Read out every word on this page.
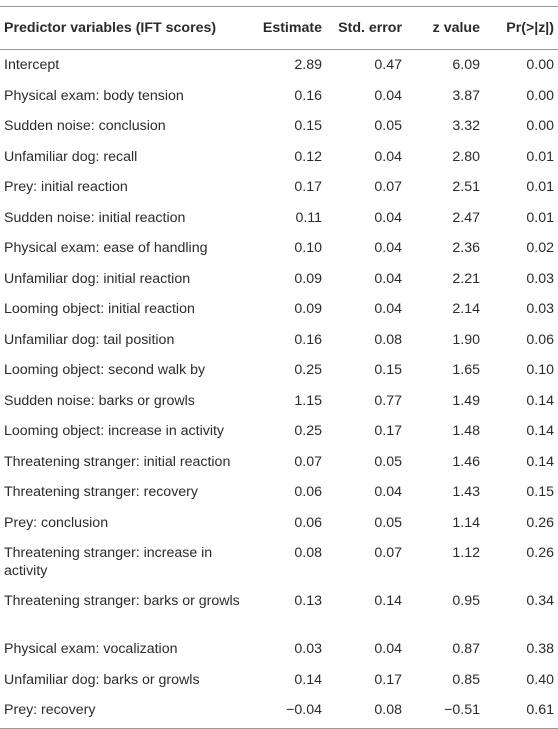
Predictor variables (IFT scores)	Estimate	Std. error	z value	Pr(>|z|)
Intercept	2.89	0.47	6.09	0.00
Physical exam: body tension	0.16	0.04	3.87	0.00
Sudden noise: conclusion	0.15	0.05	3.32	0.00
Unfamiliar dog: recall	0.12	0.04	2.80	0.01
Prey: initial reaction	0.17	0.07	2.51	0.01
Sudden noise: initial reaction	0.11	0.04	2.47	0.01
Physical exam: ease of handling	0.10	0.04	2.36	0.02
Unfamiliar dog: initial reaction	0.09	0.04	2.21	0.03
Looming object: initial reaction	0.09	0.04	2.14	0.03
Unfamiliar dog: tail position	0.16	0.08	1.90	0.06
Looming object: second walk by	0.25	0.15	1.65	0.10
Sudden noise: barks or growls	1.15	0.77	1.49	0.14
Looming object: increase in activity	0.25	0.17	1.48	0.14
Threatening stranger: initial reaction	0.07	0.05	1.46	0.14
Threatening stranger: recovery	0.06	0.04	1.43	0.15
Prey: conclusion	0.06	0.05	1.14	0.26
Threatening stranger: increase in activity	0.08	0.07	1.12	0.26
Threatening stranger: barks or growls	0.13	0.14	0.95	0.34
Physical exam: vocalization	0.03	0.04	0.87	0.38
Unfamiliar dog: barks or growls	0.14	0.17	0.85	0.40
Prey: recovery	−0.04	0.08	−0.51	0.61
